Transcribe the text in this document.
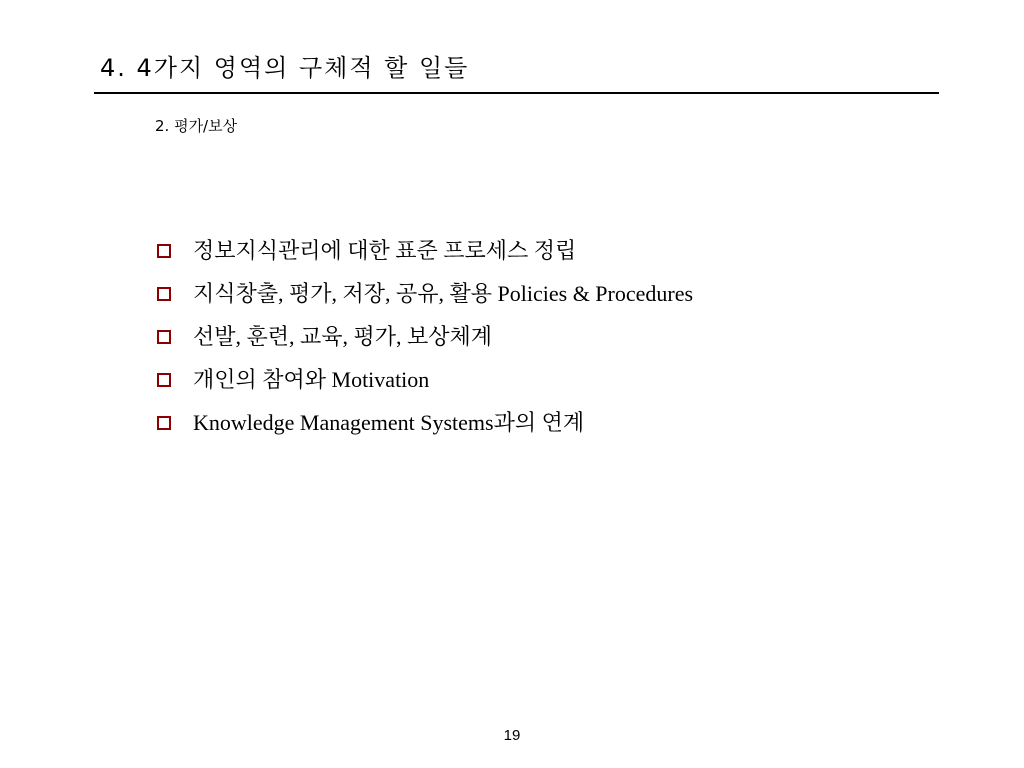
4. 4가지 영역의 구체적 할 일들
2. 평가/보상
정보지식관리에 대한 표준 프로세스 정립
지식창출, 평가, 저장, 공유, 활용 Policies & Procedures
선발, 훈련, 교육, 평가, 보상체계
개인의 참여와 Motivation
Knowledge Management Systems과의 연계
19
